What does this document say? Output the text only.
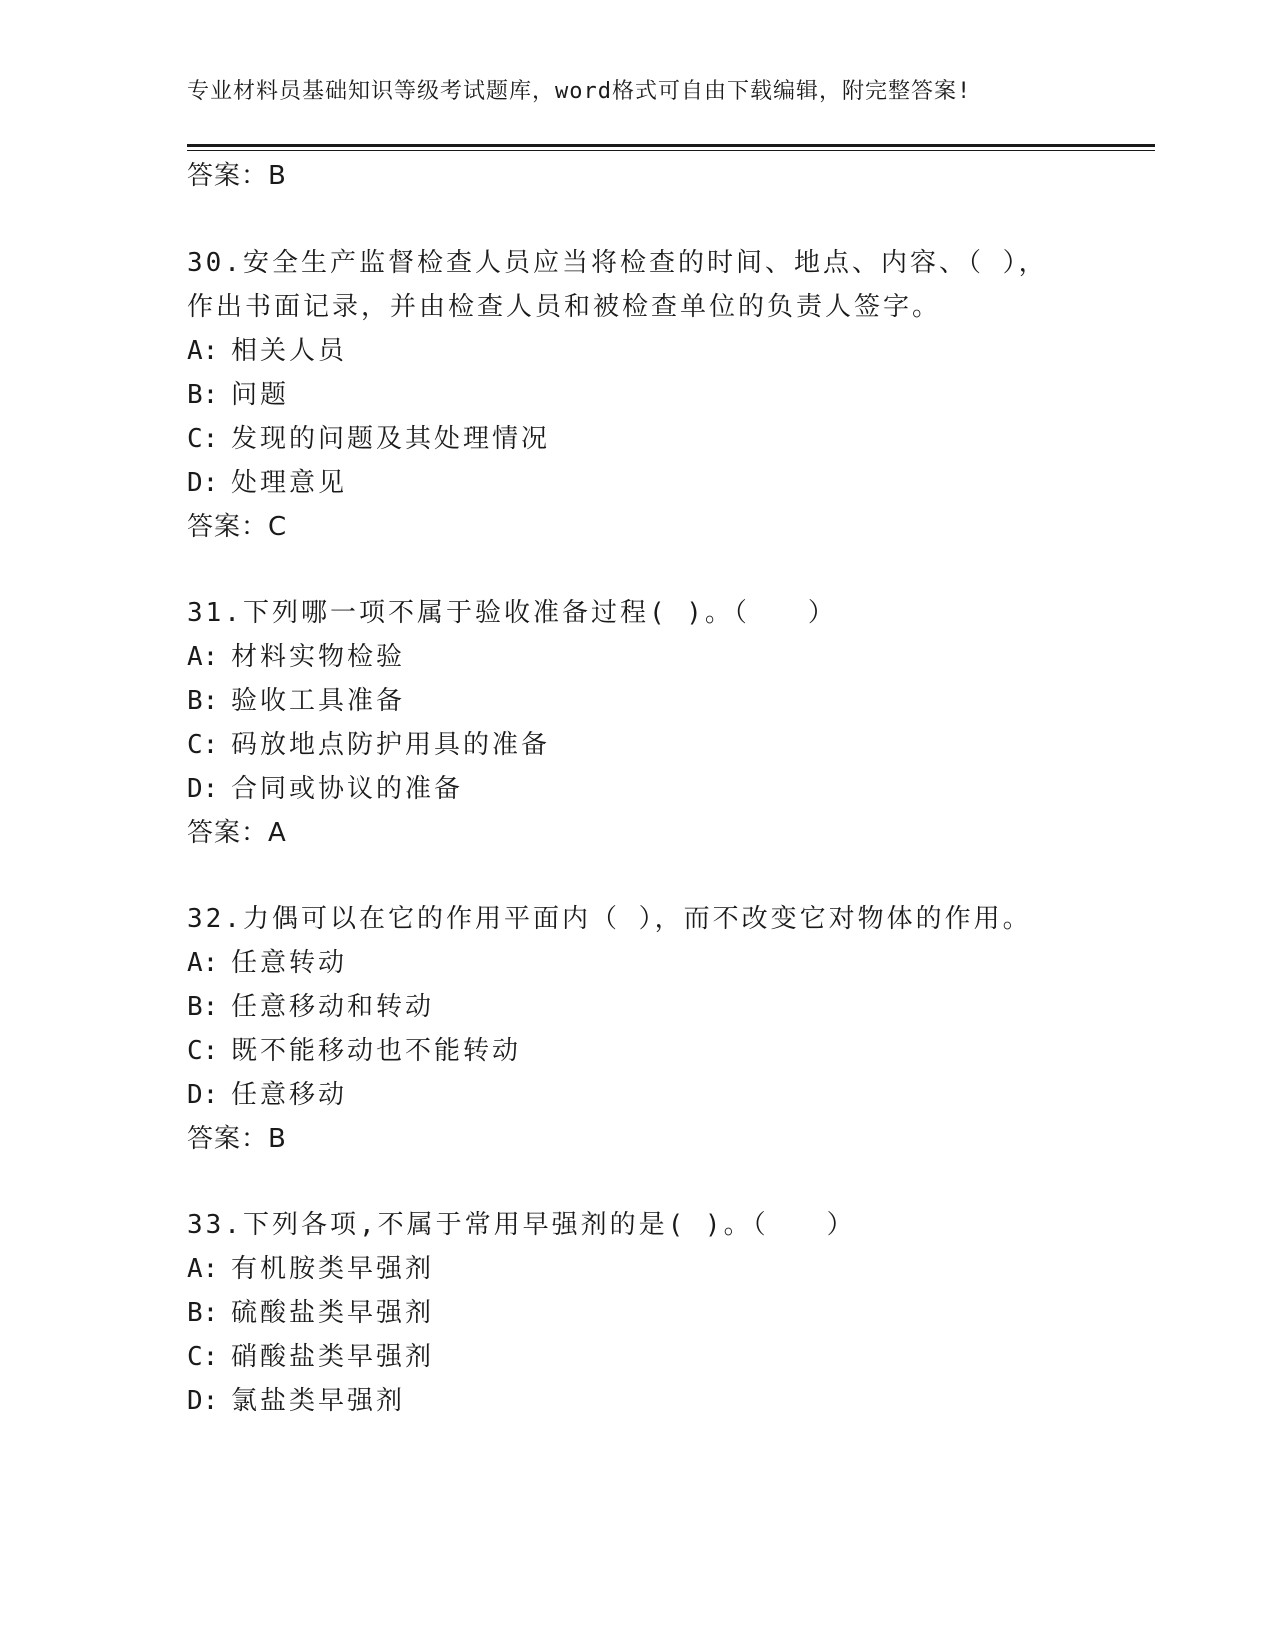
专业材料员基础知识等级考试题库，word格式可自由下载编辑，附完整答案!
答案：B
30.安全生产监督检查人员应当将检查的时间、地点、内容、（ ），
作出书面记录，并由检查人员和被检查单位的负责人签字。
A: 相关人员
B: 问题
C: 发现的问题及其处理情况
D: 处理意见
答案：C
31.下列哪一项不属于验收准备过程( )。（　　）
A: 材料实物检验
B: 验收工具准备
C: 码放地点防护用具的准备
D: 合同或协议的准备
答案：A
32.力偶可以在它的作用平面内（ ），而不改变它对物体的作用。
A: 任意转动
B: 任意移动和转动
C: 既不能移动也不能转动
D: 任意移动
答案：B
33.下列各项,不属于常用早强剂的是( )。（　　）
A: 有机胺类早强剂
B: 硫酸盐类早强剂
C: 硝酸盐类早强剂
D: 氯盐类早强剂
